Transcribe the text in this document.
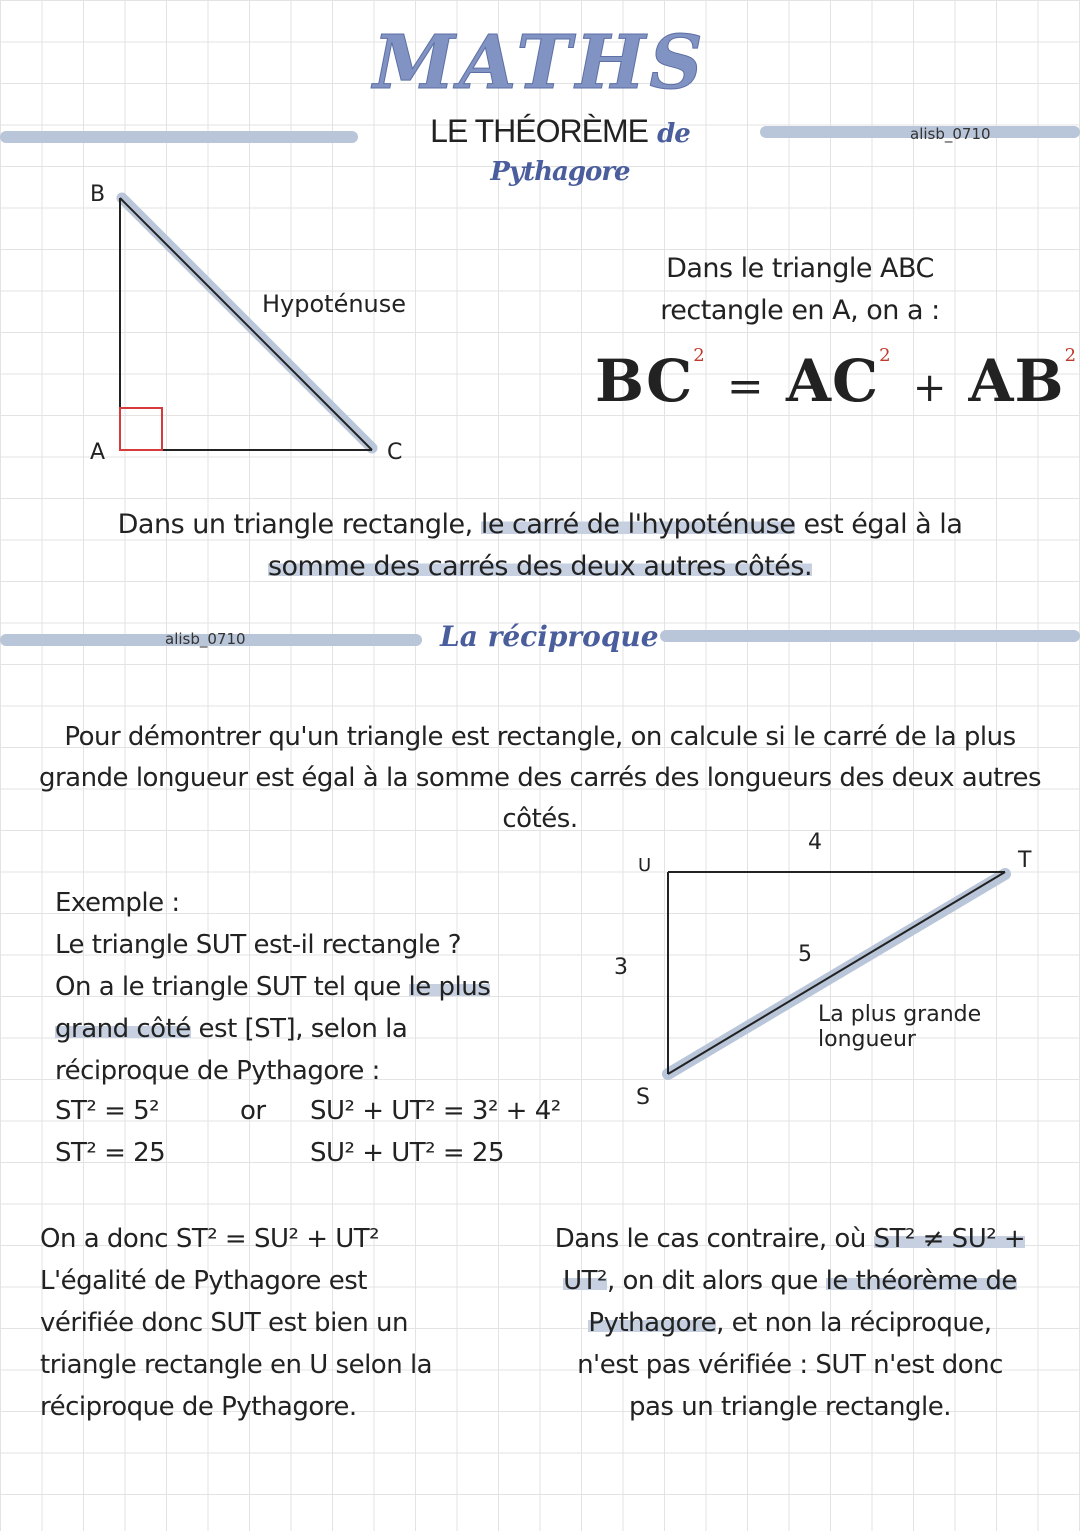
MATHS
LE THÉORÈME de Pythagore
alisb_0710
B
A	C
Hypoténuse
Dans le triangle ABC
rectangle en A, on a :
$BC^2 = AC^2 + AB^2$
Dans un triangle rectangle, le carré de l'hypoténuse est égal à la
somme des carrés des deux autres côtés.
alisb_0710	La réciproque
Pour démontrer qu'un triangle est rectangle, on calcule si le carré de la plus
grande longueur est égal à la somme des carrés des longueurs des deux autres
côtés.
Exemple :
Le triangle SUT est-il rectangle ?
On a le triangle SUT tel que le plus
grand côté est [ST], selon la
réciproque de Pythagore :
ST² = 5²
ST² = 25
or SU² + UT² = 3² + 4²
SU² + UT² = 25
U	T
S
4
3
5
La plus grande longueur
On a donc ST² = SU² + UT²
L'égalité de Pythagore est
vérifiée donc SUT est bien un
triangle rectangle en U selon la
réciproque de Pythagore.
Dans le cas contraire, où ST² ≠ SU² +
UT², on dit alors que le théorème de
Pythagore, et non la réciproque,
n'est pas vérifiée : SUT n'est donc
pas un triangle rectangle.
